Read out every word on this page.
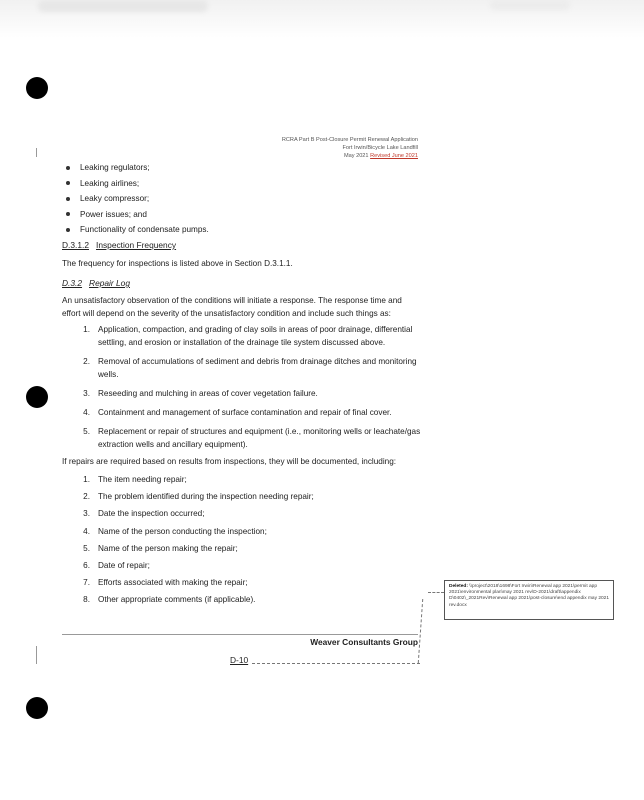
RCRA Part B Post-Closure Permit Renewal Application
Fort Irwin/Bicycle Lake Landfill
May 2021 Revised June 2021
Leaking regulators;
Leaking airlines;
Leaky compressor;
Power issues; and
Functionality of condensate pumps.
D.3.1.2 Inspection Frequency
The frequency for inspections is listed above in Section D.3.1.1.
D.3.2 Repair Log
An unsatisfactory observation of the conditions will initiate a response. The response time and effort will depend on the severity of the unsatisfactory condition and include such things as:
1. Application, compaction, and grading of clay soils in areas of poor drainage, differential settling, and erosion or installation of the drainage tile system discussed above.
2. Removal of accumulations of sediment and debris from drainage ditches and monitoring wells.
3. Reseeding and mulching in areas of cover vegetation failure.
4. Containment and management of surface contamination and repair of final cover.
5. Replacement or repair of structures and equipment (i.e., monitoring wells or leachate/gas extraction wells and ancillary equipment).
If repairs are required based on results from inspections, they will be documented, including:
1. The item needing repair;
2. The problem identified during the inspection needing repair;
3. Date the inspection occurred;
4. Name of the person conducting the inspection;
5. Name of the person making the repair;
6. Date of repair;
7. Efforts associated with making the repair;
8. Other appropriate comments (if applicable).
Weaver Consultants Group
D-10
Deleted: \\project\2018\1698\Fort Irwin\Renewal app 2021\permit app 2021\environmental plan\may 2021 rev\D-2021\draft\appendix D\0402\_2021Rev\Renewal app 2021\post-closure\end appendix may 2021 rev.docx
